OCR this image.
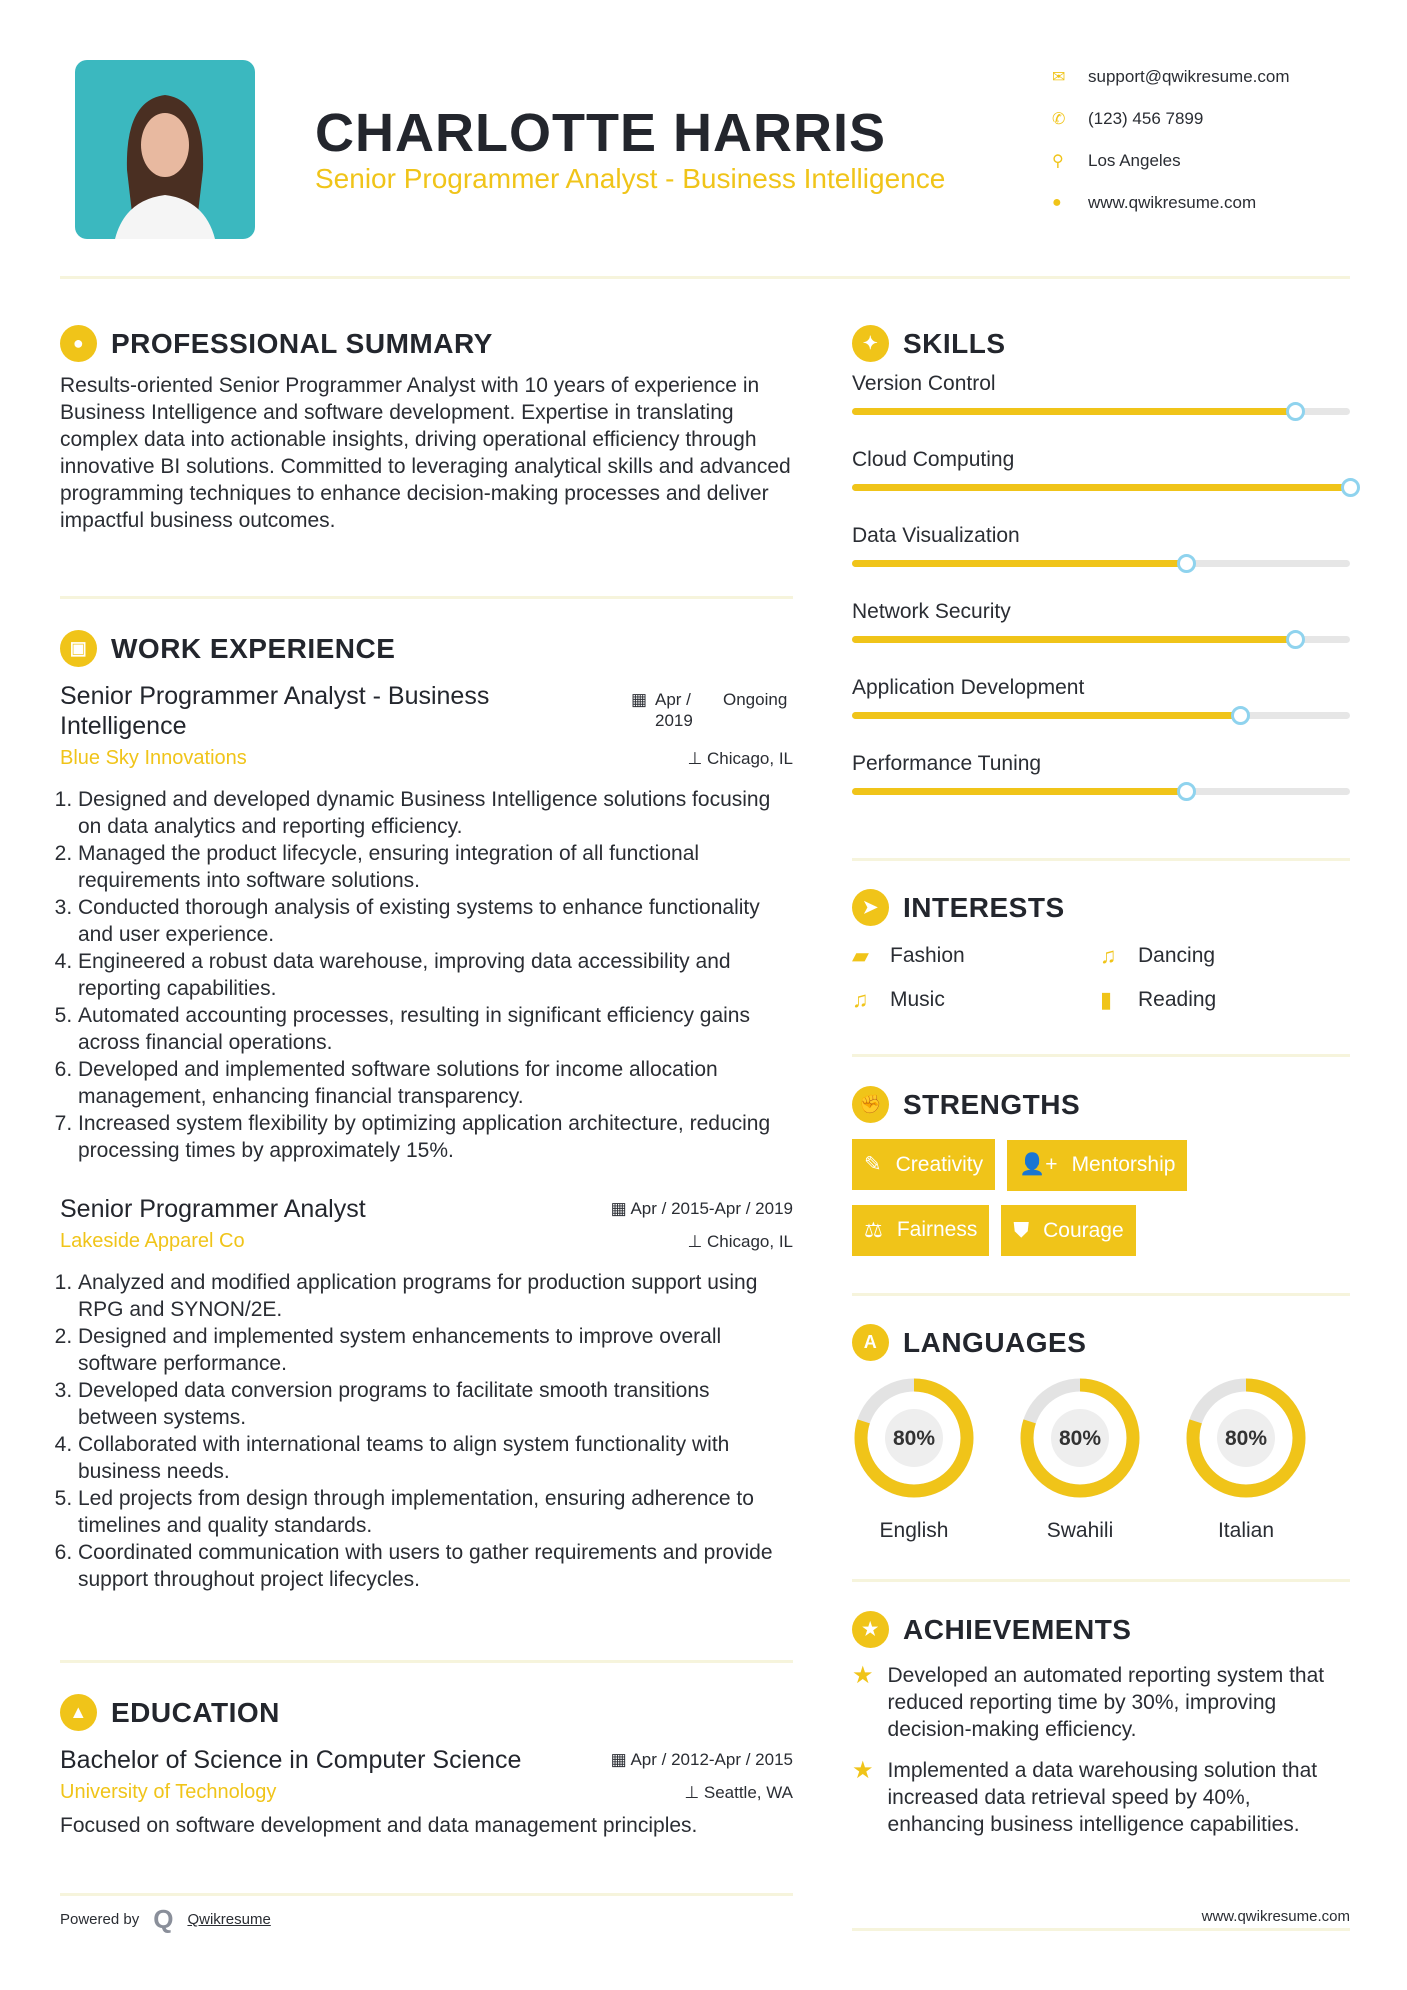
CHARLOTTE HARRIS
Senior Programmer Analyst - Business Intelligence
✉	support@qwikresume.com
✆	(123) 456 7899
⚲	Los Angeles
●	www.qwikresume.com
● PROFESSIONAL SUMMARY

Results-oriented Senior Programmer Analyst with 10 years of experience in Business Intelligence and software development. Expertise in translating complex data into actionable insights, driving operational efficiency through innovative BI solutions. Committed to leveraging analytical skills and advanced programming techniques to enhance decision-making processes and deliver impactful business outcomes.

▣ WORK EXPERIENCE
Senior Programmer Analyst - Business Intelligence
▦ Apr / 2019
Ongoing
Blue Sky Innovations	⊥ Chicago, IL
1. Designed and developed dynamic Business Intelligence solutions focusing on data analytics and reporting efficiency.
2. Managed the product lifecycle, ensuring integration of all functional requirements into software solutions.
3. Conducted thorough analysis of existing systems to enhance functionality and user experience.
4. Engineered a robust data warehouse, improving data accessibility and reporting capabilities.
5. Automated accounting processes, resulting in significant efficiency gains across financial operations.
6. Developed and implemented software solutions for income allocation management, enhancing financial transparency.
7. Increased system flexibility by optimizing application architecture, reducing processing times by approximately 15%.
Senior Programmer Analyst	▦ Apr / 2015-Apr / 2019
Lakeside Apparel Co	⊥ Chicago, IL
1. Analyzed and modified application programs for production support using RPG and SYNON/2E.
2. Designed and implemented system enhancements to improve overall software performance.
3. Developed data conversion programs to facilitate smooth transitions between systems.
4. Collaborated with international teams to align system functionality with business needs.
5. Led projects from design through implementation, ensuring adherence to timelines and quality standards.
6. Coordinated communication with users to gather requirements and provide support throughout project lifecycles.
▲ EDUCATION
Bachelor of Science in Computer Science	▦ Apr / 2012-Apr / 2015
University of Technology	⊥ Seattle, WA

Focused on software development and data management principles.

Powered by Q Qwikresume
✦ SKILLS
Version Control
Cloud Computing
Data Visualization
Network Security
Application Development
Performance Tuning
➤ INTERESTS
▰	Fashion	♫	Dancing
♫	Music	▮	Reading
✊ STRENGTHS
✎ Creativity 👤+ Mentorship

⚖ Fairness ⛊ Courage
A LANGUAGES
80%
English
80%
Swahili
80%
Italian
★ ACHIEVEMENTS
★ Developed an automated reporting system that reduced reporting time by 30%, improving decision-making efficiency.
★ Implemented a data warehousing solution that increased data retrieval speed by 40%, enhancing business intelligence capabilities.
www.qwikresume.com
